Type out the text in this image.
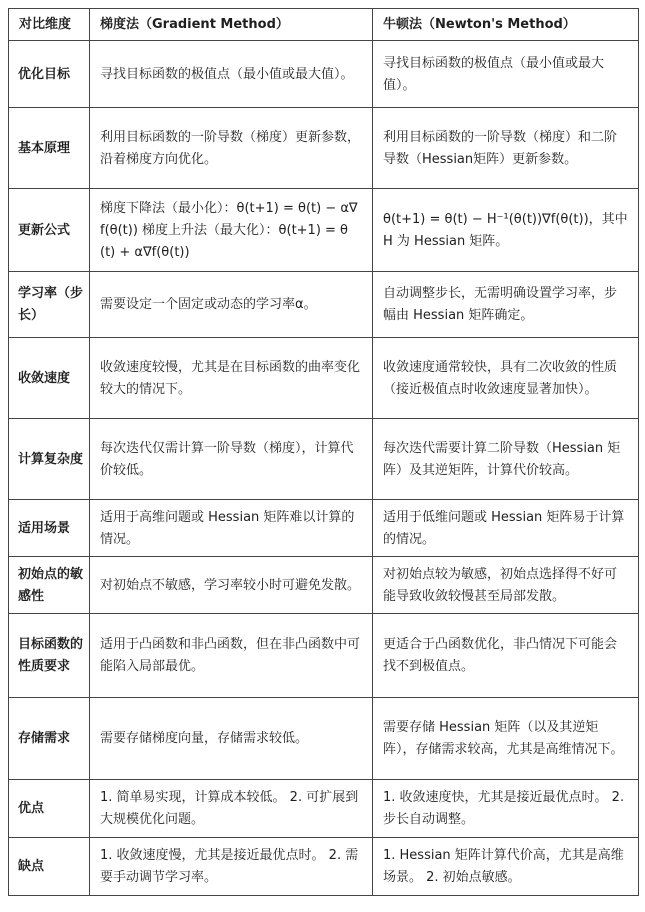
对比维度	梯度法（Gradient Method）	牛顿法（Newton's Method）
优化目标	寻找目标函数的极值点（最小值或最大值）。	寻找目标函数的极值点（最小值或最大值）。
基本原理	利用目标函数的一阶导数（梯度）更新参数，沿着梯度方向优化。	利用目标函数的一阶导数（梯度）和二阶导数（Hessian矩阵）更新参数。
更新公式	梯度下降法（最小化）：θ(t+1) = θ(t) − α∇f(θ(t)) 梯度上升法（最大化）：θ(t+1) = θ(t) + α∇f(θ(t))	θ(t+1) = θ(t) − H⁻¹(θ(t))∇f(θ(t))，其中 H 为 Hessian 矩阵。
学习率（步长）	需要设定一个固定或动态的学习率α。	自动调整步长，无需明确设置学习率，步幅由 Hessian 矩阵确定。
收敛速度	收敛速度较慢，尤其是在目标函数的曲率变化较大的情况下。	收敛速度通常较快，具有二次收敛的性质（接近极值点时收敛速度显著加快）。
计算复杂度	每次迭代仅需计算一阶导数（梯度），计算代价较低。	每次迭代需要计算二阶导数（Hessian 矩阵）及其逆矩阵，计算代价较高。
适用场景	适用于高维问题或 Hessian 矩阵难以计算的情况。	适用于低维问题或 Hessian 矩阵易于计算的情况。
初始点的敏感性	对初始点不敏感，学习率较小时可避免发散。	对初始点较为敏感，初始点选择得不好可能导致收敛较慢甚至局部发散。
目标函数的性质要求	适用于凸函数和非凸函数，但在非凸函数中可能陷入局部最优。	更适合于凸函数优化，非凸情况下可能会找不到极值点。
存储需求	需要存储梯度向量，存储需求较低。	需要存储 Hessian 矩阵（以及其逆矩阵），存储需求较高，尤其是高维情况下。
优点	1. 简单易实现，计算成本较低。 2. 可扩展到大规模优化问题。	1. 收敛速度快，尤其是接近最优点时。 2. 步长自动调整。
缺点	1. 收敛速度慢，尤其是接近最优点时。 2. 需要手动调节学习率。	1. Hessian 矩阵计算代价高，尤其是高维场景。 2. 初始点敏感。
